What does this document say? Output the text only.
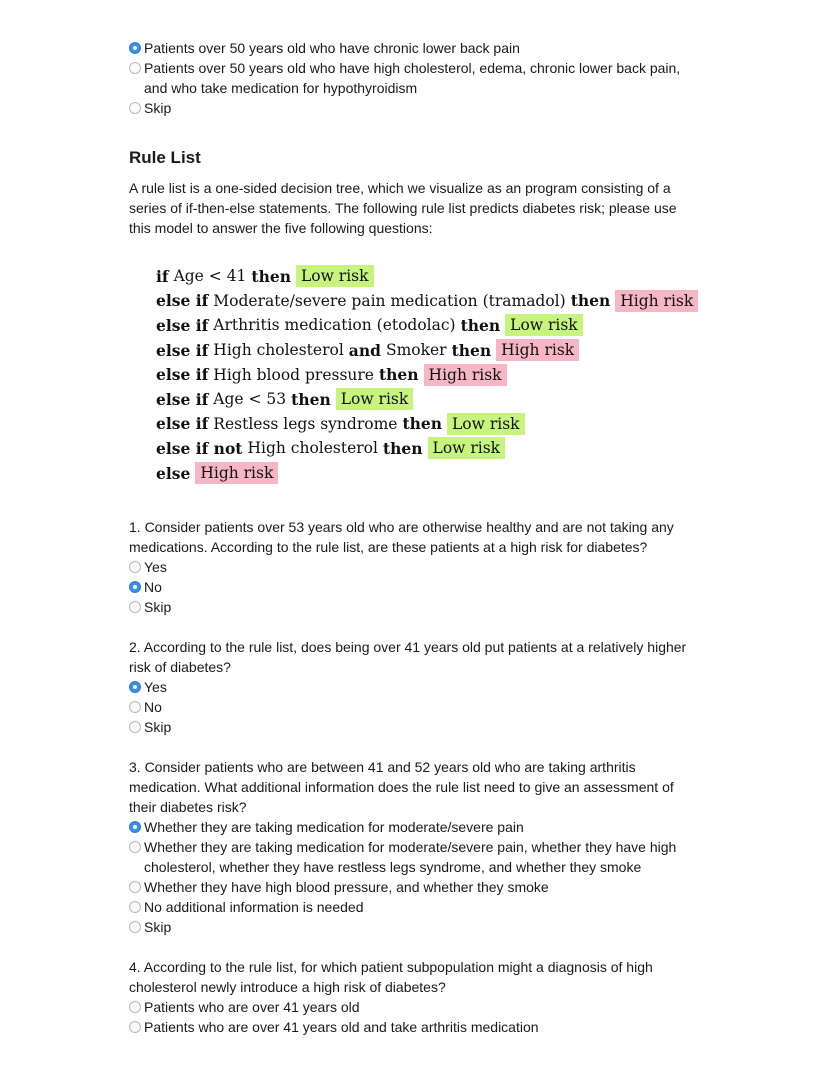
Patients over 50 years old who have chronic lower back pain
Patients over 50 years old who have high cholesterol, edema, chronic lower back pain, and who take medication for hypothyroidism
Skip
Rule List
A rule list is a one-sided decision tree, which we visualize as an program consisting of a series of if-then-else statements. The following rule list predicts diabetes risk; please use this model to answer the five following questions:
if Age < 41 then Low risk
else if Moderate/severe pain medication (tramadol) then High risk
else if Arthritis medication (etodolac) then Low risk
else if High cholesterol and Smoker then High risk
else if High blood pressure then High risk
else if Age < 53 then Low risk
else if Restless legs syndrome then Low risk
else if not High cholesterol then Low risk
else High risk
1. Consider patients over 53 years old who are otherwise healthy and are not taking any medications. According to the rule list, are these patients at a high risk for diabetes?
Yes
No
Skip
2. According to the rule list, does being over 41 years old put patients at a relatively higher risk of diabetes?
Yes
No
Skip
3. Consider patients who are between 41 and 52 years old who are taking arthritis medication. What additional information does the rule list need to give an assessment of their diabetes risk?
Whether they are taking medication for moderate/severe pain
Whether they are taking medication for moderate/severe pain, whether they have high cholesterol, whether they have restless legs syndrome, and whether they smoke
Whether they have high blood pressure, and whether they smoke
No additional information is needed
Skip
4. According to the rule list, for which patient subpopulation might a diagnosis of high cholesterol newly introduce a high risk of diabetes?
Patients who are over 41 years old
Patients who are over 41 years old and take arthritis medication
